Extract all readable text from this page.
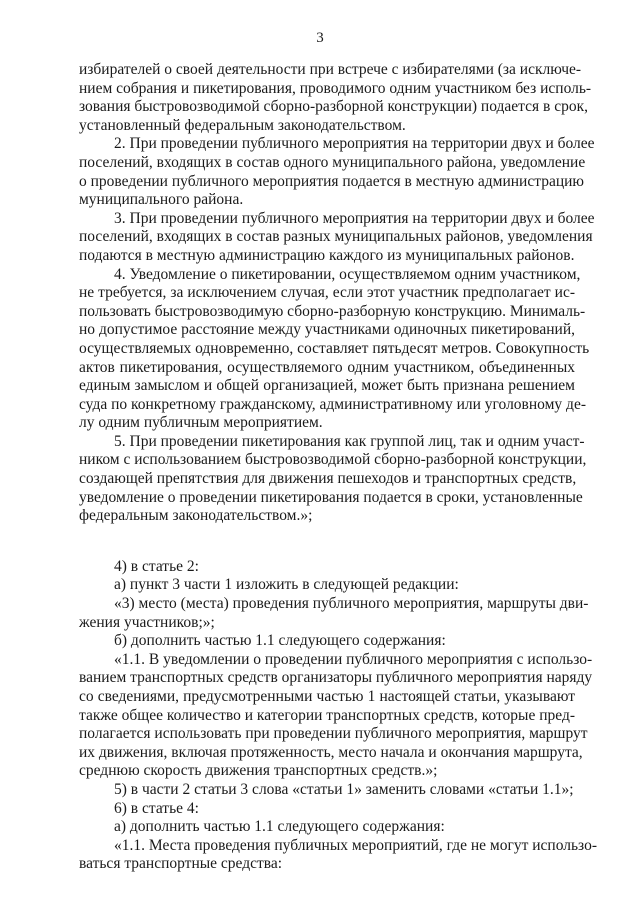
3
избирателей о своей деятельности при встрече с избирателями (за исключе-
нием собрания и пикетирования, проводимого одним участником без исполь-
зования быстровозводимой сборно-разборной конструкции) подается в срок,
установленный федеральным законодательством.
2. При проведении публичного мероприятия на территории двух и более
поселений, входящих в состав одного муниципального района, уведомление
о проведении публичного мероприятия подается в местную администрацию
муниципального района.
3. При проведении публичного мероприятия на территории двух и более
поселений, входящих в состав разных муниципальных районов, уведомления
подаются в местную администрацию каждого из муниципальных районов.
4. Уведомление о пикетировании, осуществляемом одним участником,
не требуется, за исключением случая, если этот участник предполагает ис-
пользовать быстровозводимую сборно-разборную конструкцию. Минималь-
но допустимое расстояние между участниками одиночных пикетирований,
осуществляемых одновременно, составляет пятьдесят метров. Совокупность
актов пикетирования, осуществляемого одним участником, объединенных
единым замыслом и общей организацией, может быть признана решением
суда по конкретному гражданскому, административному или уголовному де-
лу одним публичным мероприятием.
5. При проведении пикетирования как группой лиц, так и одним участ-
ником с использованием быстровозводимой сборно-разборной конструкции,
создающей препятствия для движения пешеходов и транспортных средств,
уведомление о проведении пикетирования подается в сроки, установленные
федеральным законодательством.»;
4) в статье 2:
а) пункт 3 части 1 изложить в следующей редакции:
«3) место (места) проведения публичного мероприятия, маршруты дви-
жения участников;»;
б) дополнить частью 1.1 следующего содержания:
«1.1. В уведомлении о проведении публичного мероприятия с использо-
ванием транспортных средств организаторы публичного мероприятия наряду
со сведениями, предусмотренными частью 1 настоящей статьи, указывают
также общее количество и категории транспортных средств, которые пред-
полагается использовать при проведении публичного мероприятия, маршрут
их движения, включая протяженность, место начала и окончания маршрута,
среднюю скорость движения транспортных средств.»;
5) в части 2 статьи 3 слова «статьи 1» заменить словами «статьи 1.1»;
6) в статье 4:
а) дополнить частью 1.1 следующего содержания:
«1.1. Места проведения публичных мероприятий, где не могут использо-
ваться транспортные средства:
